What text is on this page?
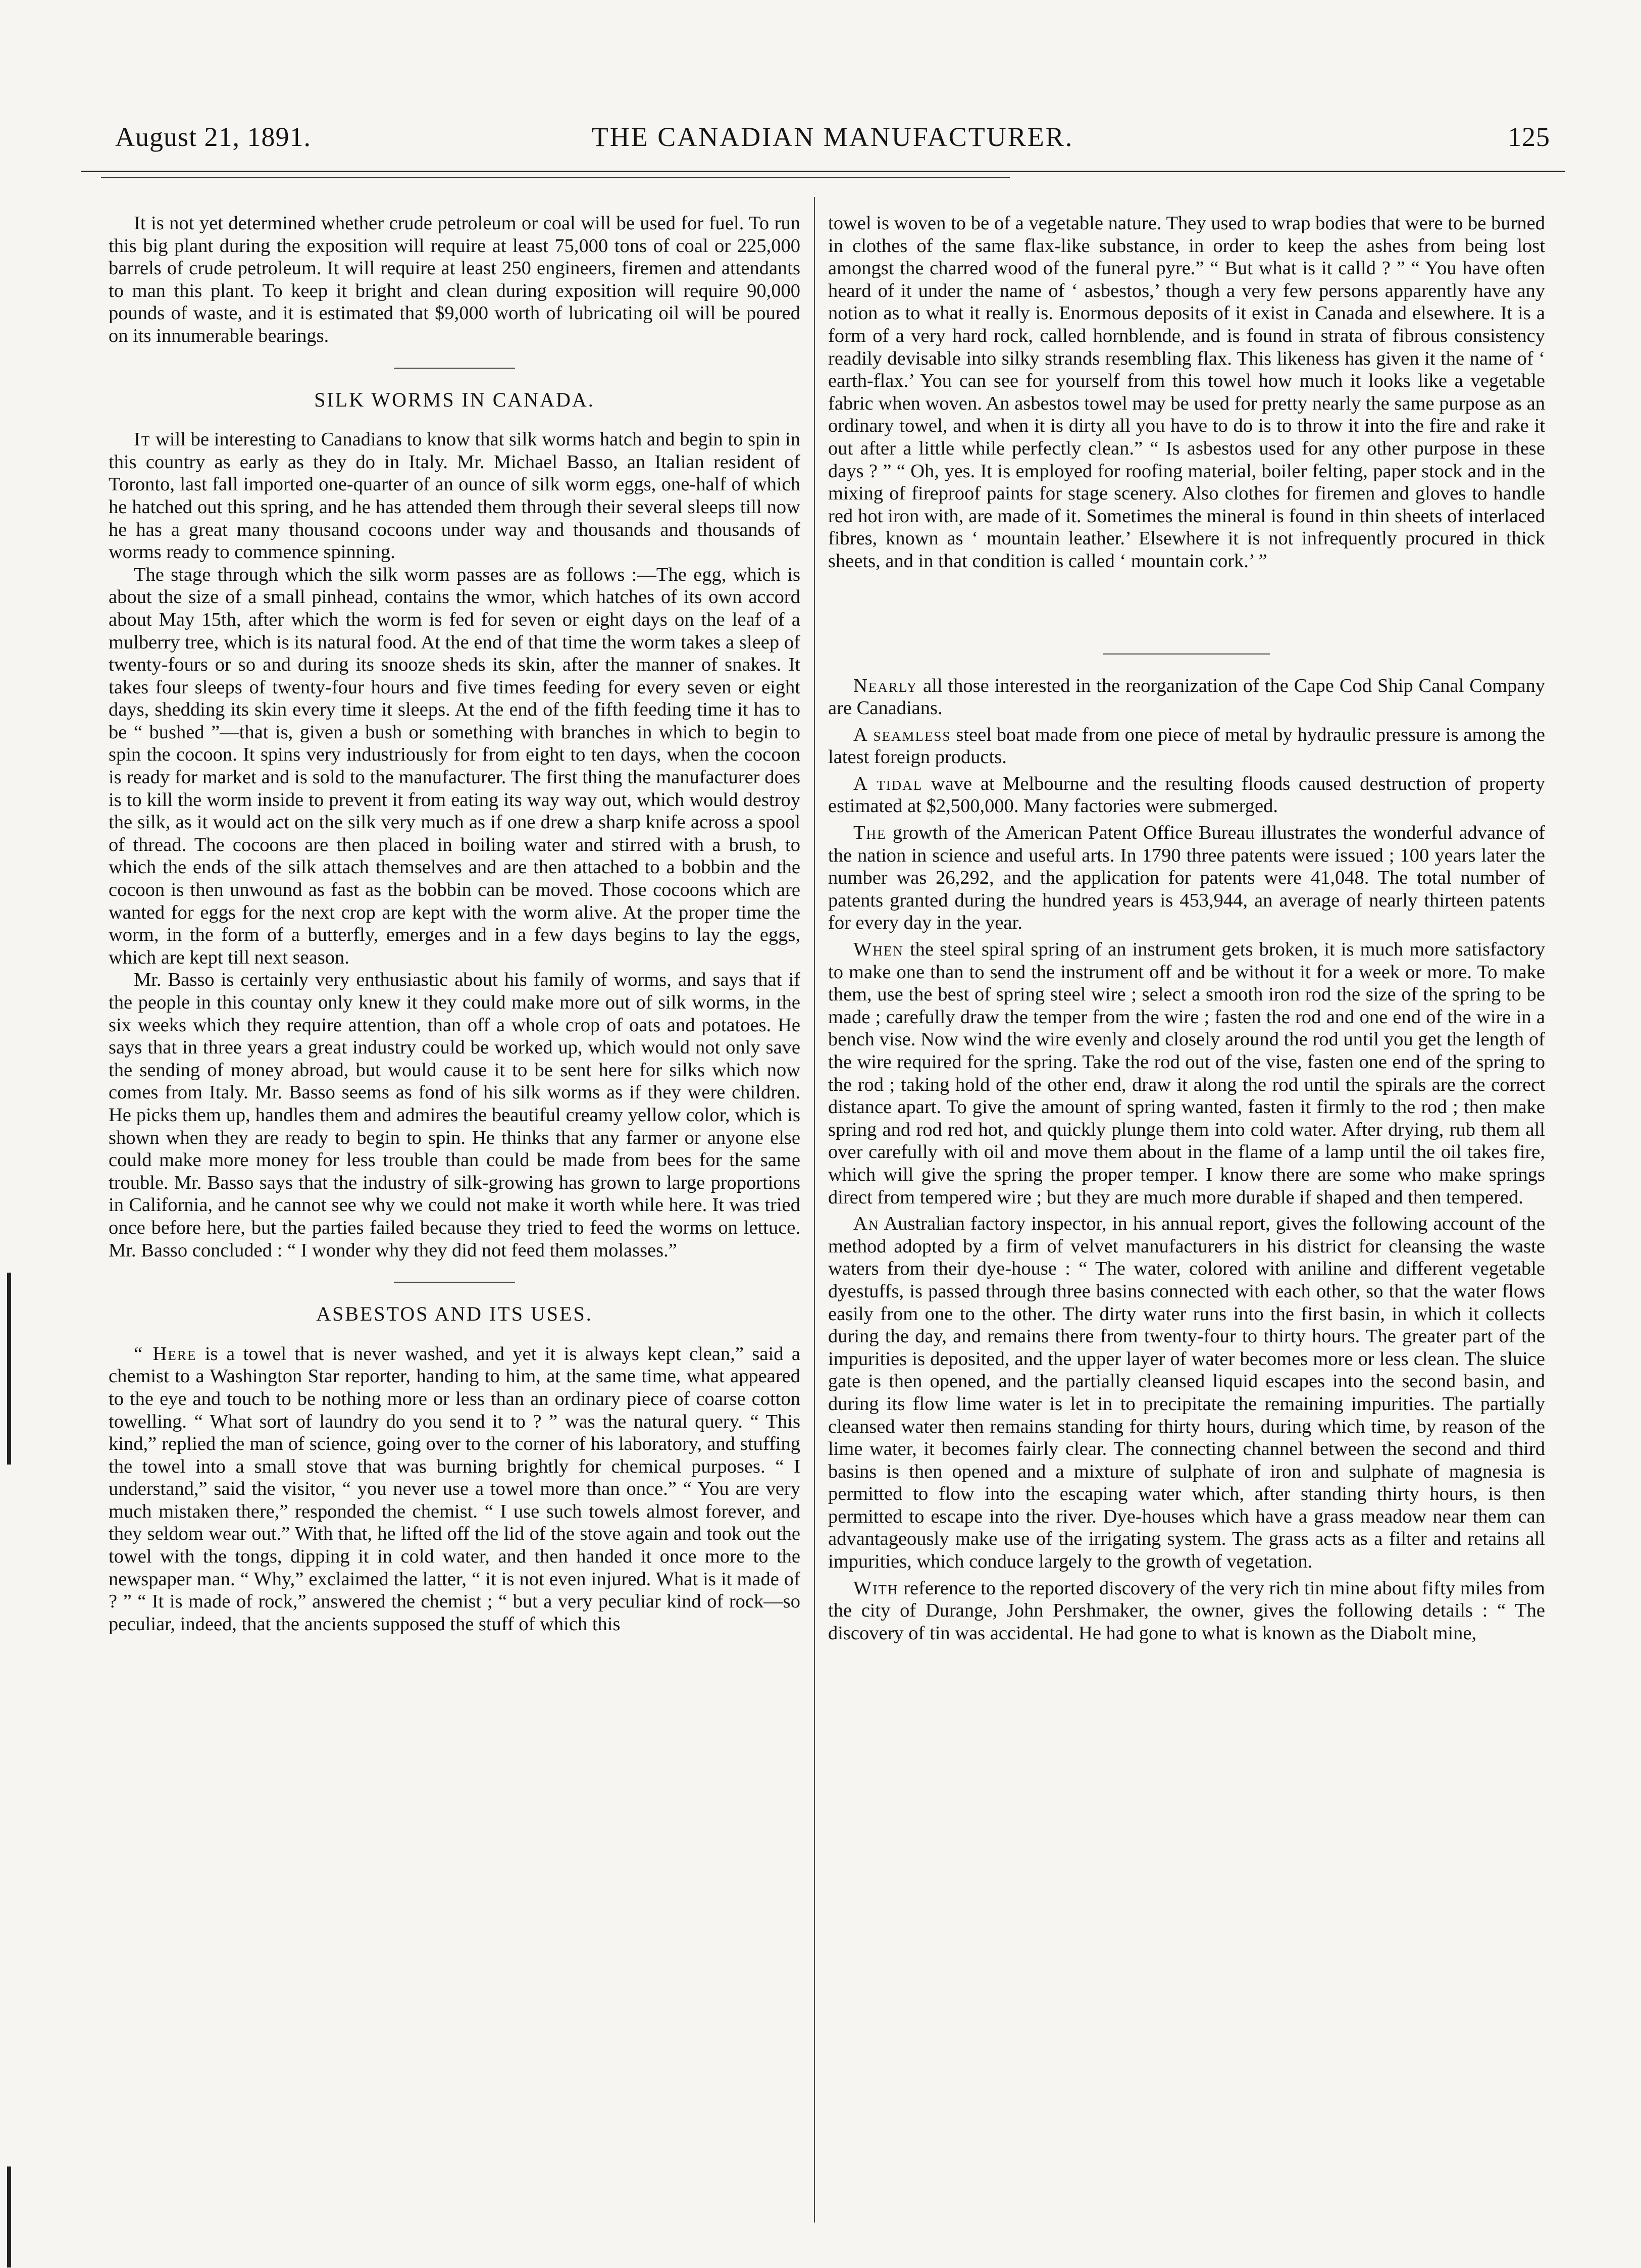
August 21, 1891.	THE CANADIAN MANUFACTURER.	125

It is not yet determined whether crude petroleum or coal will be used for fuel. To run this big plant during the exposition will require at least 75,000 tons of coal or 225,000 barrels of crude petroleum. It will require at least 250 engineers, firemen and attendants to man this plant. To keep it bright and clean during exposition will require 90,000 pounds of waste, and it is estimated that $9,000 worth of lubricating oil will be poured on its innumerable bearings.

SILK WORMS IN CANADA.

It will be interesting to Canadians to know that silk worms hatch and begin to spin in this country as early as they do in Italy. Mr. Michael Basso, an Italian resident of Toronto, last fall imported one-quarter of an ounce of silk worm eggs, one-half of which he hatched out this spring, and he has attended them through their several sleeps till now he has a great many thousand cocoons under way and thousands and thousands of worms ready to commence spinning.

The stage through which the silk worm passes are as follows :—The egg, which is about the size of a small pinhead, contains the wmor, which hatches of its own accord about May 15th, after which the worm is fed for seven or eight days on the leaf of a mulberry tree, which is its natural food. At the end of that time the worm takes a sleep of twenty-fours or so and during its snooze sheds its skin, after the manner of snakes. It takes four sleeps of twenty-four hours and five times feeding for every seven or eight days, shedding its skin every time it sleeps. At the end of the fifth feeding time it has to be “ bushed ”—that is, given a bush or something with branches in which to begin to spin the cocoon. It spins very industriously for from eight to ten days, when the cocoon is ready for market and is sold to the manufacturer. The first thing the manufacturer does is to kill the worm inside to prevent it from eating its way way out, which would destroy the silk, as it would act on the silk very much as if one drew a sharp knife across a spool of thread. The cocoons are then placed in boiling water and stirred with a brush, to which the ends of the silk attach themselves and are then attached to a bobbin and the cocoon is then unwound as fast as the bobbin can be moved. Those cocoons which are wanted for eggs for the next crop are kept with the worm alive. At the proper time the worm, in the form of a butterfly, emerges and in a few days begins to lay the eggs, which are kept till next season.

Mr. Basso is certainly very enthusiastic about his family of worms, and says that if the people in this countay only knew it they could make more out of silk worms, in the six weeks which they require attention, than off a whole crop of oats and potatoes. He says that in three years a great industry could be worked up, which would not only save the sending of money abroad, but would cause it to be sent here for silks which now comes from Italy. Mr. Basso seems as fond of his silk worms as if they were children. He picks them up, handles them and admires the beautiful creamy yellow color, which is shown when they are ready to begin to spin. He thinks that any farmer or anyone else could make more money for less trouble than could be made from bees for the same trouble. Mr. Basso says that the industry of silk-growing has grown to large proportions in California, and he cannot see why we could not make it worth while here. It was tried once before here, but the parties failed because they tried to feed the worms on lettuce. Mr. Basso concluded : “ I wonder why they did not feed them molasses.”

ASBESTOS AND ITS USES.

“ Here is a towel that is never washed, and yet it is always kept clean,” said a chemist to a Washington Star reporter, handing to him, at the same time, what appeared to the eye and touch to be nothing more or less than an ordinary piece of coarse cotton towelling. “ What sort of laundry do you send it to ? ” was the natural query. “ This kind,” replied the man of science, going over to the corner of his laboratory, and stuffing the towel into a small stove that was burning brightly for chemical purposes. “ I understand,” said the visitor, “ you never use a towel more than once.” “ You are very much mistaken there,” responded the chemist. “ I use such towels almost forever, and they seldom wear out.” With that, he lifted off the lid of the stove again and took out the towel with the tongs, dipping it in cold water, and then handed it once more to the newspaper man. “ Why,” exclaimed the latter, “ it is not even injured. What is it made of ? ” “ It is made of rock,” answered the chemist ; “ but a very peculiar kind of rock—so peculiar, indeed, that the ancients supposed the stuff of which this

towel is woven to be of a vegetable nature. They used to wrap bodies that were to be burned in clothes of the same flax-like substance, in order to keep the ashes from being lost amongst the charred wood of the funeral pyre.” “ But what is it calld ? ” “ You have often heard of it under the name of ‘ asbestos,’ though a very few persons apparently have any notion as to what it really is. Enormous deposits of it exist in Canada and elsewhere. It is a form of a very hard rock, called hornblende, and is found in strata of fibrous consistency readily devisable into silky strands resembling flax. This likeness has given it the name of ‘ earth-flax.’ You can see for yourself from this towel how much it looks like a vegetable fabric when woven. An asbestos towel may be used for pretty nearly the same purpose as an ordinary towel, and when it is dirty all you have to do is to throw it into the fire and rake it out after a little while perfectly clean.” “ Is asbestos used for any other purpose in these days ? ” “ Oh, yes. It is employed for roofing material, boiler felting, paper stock and in the mixing of fireproof paints for stage scenery. Also clothes for firemen and gloves to handle red hot iron with, are made of it. Sometimes the mineral is found in thin sheets of interlaced fibres, known as ‘ mountain leather.’ Elsewhere it is not infrequently procured in thick sheets, and in that condition is called ‘ mountain cork.’ ”

Nearly all those interested in the reorganization of the Cape Cod Ship Canal Company are Canadians.

A seamless steel boat made from one piece of metal by hydraulic pressure is among the latest foreign products.

A tidal wave at Melbourne and the resulting floods caused destruction of property estimated at $2,500,000. Many factories were submerged.

The growth of the American Patent Office Bureau illustrates the wonderful advance of the nation in science and useful arts. In 1790 three patents were issued ; 100 years later the number was 26,292, and the application for patents were 41,048. The total number of patents granted during the hundred years is 453,944, an average of nearly thirteen patents for every day in the year.

When the steel spiral spring of an instrument gets broken, it is much more satisfactory to make one than to send the instrument off and be without it for a week or more. To make them, use the best of spring steel wire ; select a smooth iron rod the size of the spring to be made ; carefully draw the temper from the wire ; fasten the rod and one end of the wire in a bench vise. Now wind the wire evenly and closely around the rod until you get the length of the wire required for the spring. Take the rod out of the vise, fasten one end of the spring to the rod ; taking hold of the other end, draw it along the rod until the spirals are the correct distance apart. To give the amount of spring wanted, fasten it firmly to the rod ; then make spring and rod red hot, and quickly plunge them into cold water. After drying, rub them all over carefully with oil and move them about in the flame of a lamp until the oil takes fire, which will give the spring the proper temper. I know there are some who make springs direct from tempered wire ; but they are much more durable if shaped and then tempered.

An Australian factory inspector, in his annual report, gives the following account of the method adopted by a firm of velvet manufacturers in his district for cleansing the waste waters from their dye-house : “ The water, colored with aniline and different vegetable dyestuffs, is passed through three basins connected with each other, so that the water flows easily from one to the other. The dirty water runs into the first basin, in which it collects during the day, and remains there from twenty-four to thirty hours. The greater part of the impurities is deposited, and the upper layer of water becomes more or less clean. The sluice gate is then opened, and the partially cleansed liquid escapes into the second basin, and during its flow lime water is let in to precipitate the remaining impurities. The partially cleansed water then remains standing for thirty hours, during which time, by reason of the lime water, it becomes fairly clear. The connecting channel between the second and third basins is then opened and a mixture of sulphate of iron and sulphate of magnesia is permitted to flow into the escaping water which, after standing thirty hours, is then permitted to escape into the river. Dye-houses which have a grass meadow near them can advantageously make use of the irrigating system. The grass acts as a filter and retains all impurities, which conduce largely to the growth of vegetation.

With reference to the reported discovery of the very rich tin mine about fifty miles from the city of Durange, John Pershmaker, the owner, gives the following details : “ The discovery of tin was accidental. He had gone to what is known as the Diabolt mine,
